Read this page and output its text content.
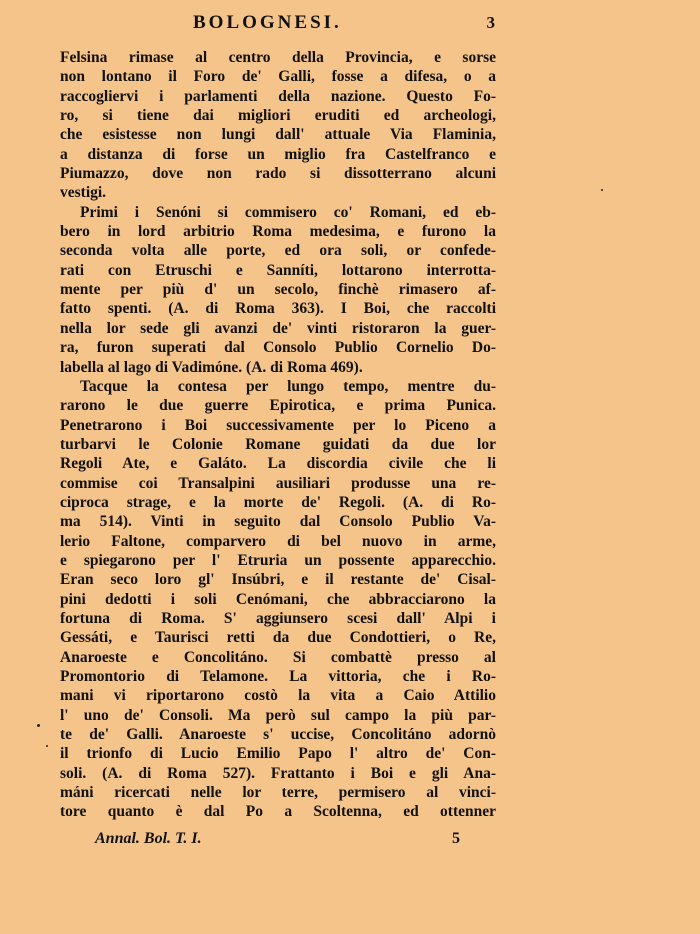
BOLOGNESI.	3
Felsina rimase al centro della Provincia, e sorse
non lontano il Foro de' Galli, fosse a difesa, o a
raccogliervi i parlamenti della nazione. Questo Fo-
ro, si tiene dai migliori eruditi ed archeologi,
che esistesse non lungi dall' attuale Via Flaminia,
a distanza di forse un miglio fra Castelfranco e
Piumazzo, dove non rado si dissotterrano alcuni
vestigi.
Primi i Senóni si commisero co' Romani, ed eb-
bero in lord arbitrio Roma medesima, e furono la
seconda volta alle porte, ed ora soli, or confede-
rati con Etruschi e Sanníti, lottarono interrotta-
mente per più d' un secolo, finchè rimasero af-
fatto spenti. (A. di Roma 363). I Boi, che raccolti
nella lor sede gli avanzi de' vinti ristoraron la guer-
ra, furon superati dal Consolo Publio Cornelio Do-
labella al lago di Vadimóne. (A. di Roma 469).
Tacque la contesa per lungo tempo, mentre du-
rarono le due guerre Epirotica, e prima Punica.
Penetrarono i Boi successivamente per lo Piceno a
turbarvi le Colonie Romane guidati da due lor
Regoli Ate, e Galáto. La discordia civile che li
commise coi Transalpini ausiliari produsse una re-
ciproca strage, e la morte de' Regoli. (A. di Ro-
ma 514). Vinti in seguito dal Consolo Publio Va-
lerio Faltone, comparvero di bel nuovo in arme,
e spiegarono per l' Etruria un possente apparecchio.
Eran seco loro gl' Insúbri, e il restante de' Cisal-
pini dedotti i soli Cenómani, che abbracciarono la
fortuna di Roma. S' aggiunsero scesi dall' Alpi i
Gessáti, e Taurisci retti da due Condottieri, o Re,
Anaroeste e Concolitáno. Si combattè presso al
Promontorio di Telamone. La vittoria, che i Ro-
mani vi riportarono costò la vita a Caio Attilio
l' uno de' Consoli. Ma però sul campo la più par-
te de' Galli. Anaroeste s' uccise, Concolitáno adornò
il trionfo di Lucio Emilio Papo l' altro de' Con-
soli. (A. di Roma 527). Frattanto i Boi e gli Ana-
máni ricercati nelle lor terre, permisero al vinci-
tore quanto è dal Po a Scoltenna, ed ottenner
Annal. Bol. T. I.	5
